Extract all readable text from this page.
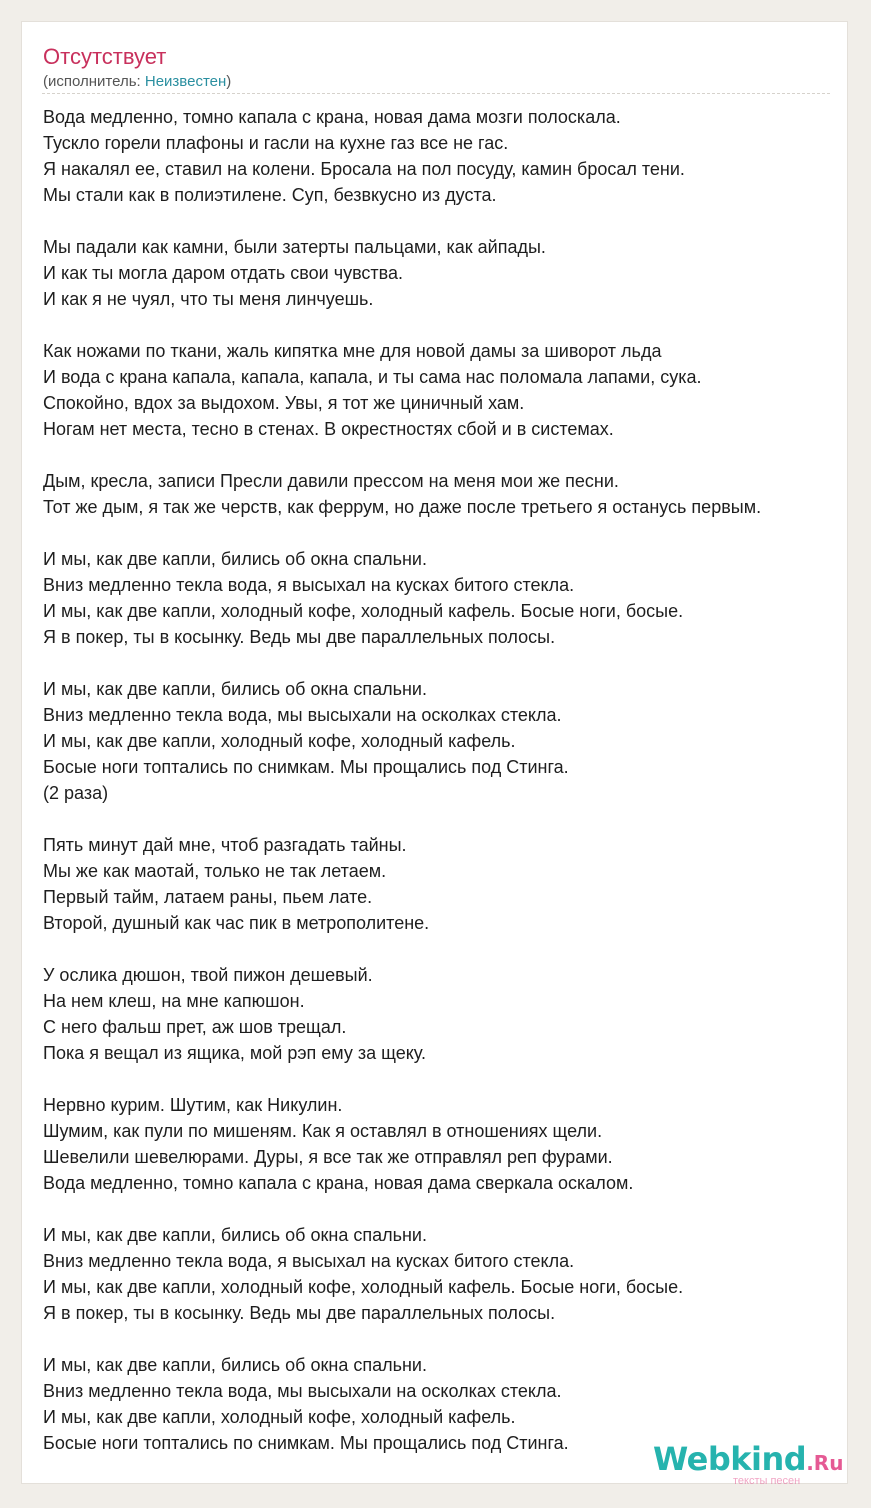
Отсутствует
(исполнитель: Неизвестен)
Вода медленно, томно капала с крана, новая дама мозги полоскала.
Тускло горели плафоны и гасли на кухне газ все не гас.
Я накалял ее, ставил на колени. Бросала на пол посуду, камин бросал тени.
Мы стали как в полиэтилене. Суп, безвкусно из дуста.
Мы падали как камни, были затерты пальцами, как айпады.
И как ты могла даром отдать свои чувства.
И как я не чуял, что ты меня линчуешь.
Как ножами по ткани, жаль кипятка мне для новой дамы за шиворот льда
И вода с крана капала, капала, капала, и ты сама нас поломала лапами, сука.
Спокойно, вдох за выдохом. Увы, я тот же циничный хам.
Ногам нет места, тесно в стенах. В окрестностях сбой и в системах.
Дым, кресла, записи Пресли давили прессом на меня мои же песни.
Тот же дым, я так же черств, как феррум, но даже после третьего я останусь первым.
И мы, как две капли, бились об окна спальни.
Вниз медленно текла вода, я высыхал на кусках битого стекла.
И мы, как две капли, холодный кофе, холодный кафель. Босые ноги, босые.
Я в покер, ты в косынку. Ведь мы две параллельных полосы.
И мы, как две капли, бились об окна спальни.
Вниз медленно текла вода, мы высыхали на осколках стекла.
И мы, как две капли, холодный кофе, холодный кафель.
Босые ноги топтались по снимкам. Мы прощались под Стинга.
(2 раза)
Пять минут дай мне, чтоб разгадать тайны.
Мы же как маотай, только не так летаем.
Первый тайм, латаем раны, пьем лате.
Второй, душный как час пик в метрополитене.
У ослика дюшон, твой пижон дешевый.
На нем клеш, на мне капюшон.
С него фальш прет, аж шов трещал.
Пока я вещал из ящика, мой рэп ему за щеку.
Нервно курим. Шутим, как Никулин.
Шумим, как пули по мишеням. Как я оставлял в отношениях щели.
Шевелили шевелюрами. Дуры, я все так же отправлял реп фурами.
Вода медленно, томно капала с крана, новая дама сверкала оскалом.
И мы, как две капли, бились об окна спальни.
Вниз медленно текла вода, я высыхал на кусках битого стекла.
И мы, как две капли, холодный кофе, холодный кафель. Босые ноги, босые.
Я в покер, ты в косынку. Ведь мы две параллельных полосы.
И мы, как две капли, бились об окна спальни.
Вниз медленно текла вода, мы высыхали на осколках стекла.
И мы, как две капли, холодный кофе, холодный кафель.
Босые ноги топтались по снимкам. Мы прощались под Стинга.	Webkind.Ru
тексты песен
